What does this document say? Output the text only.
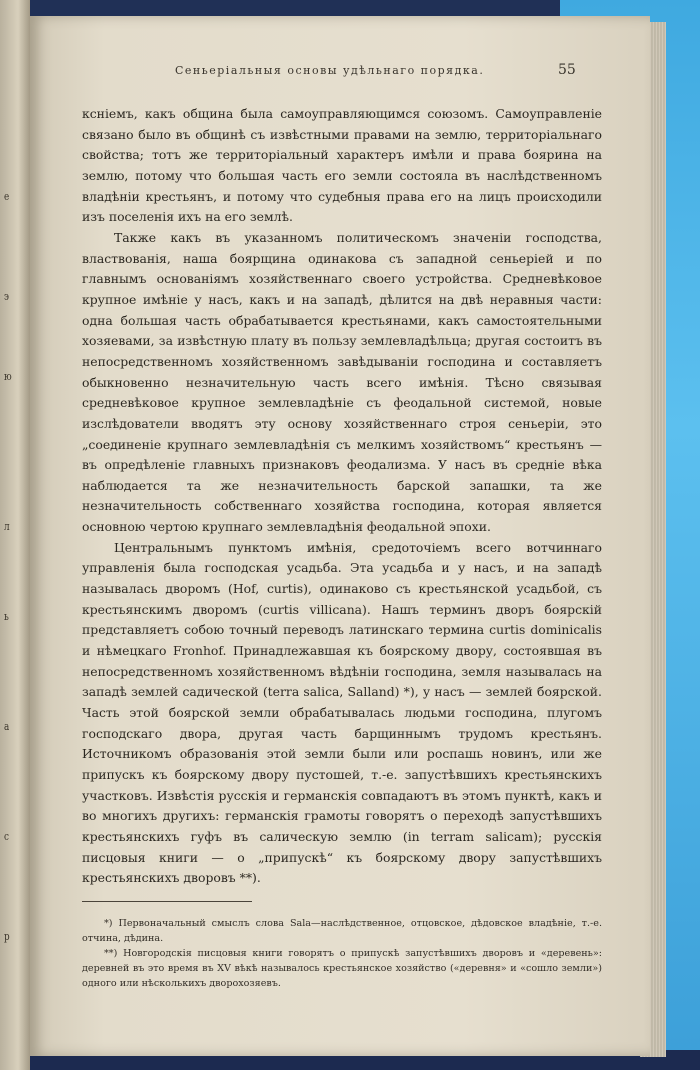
е
э
ю
л
ь
а
с
р
Сеньеріальныя основы удѣльнаго порядка.	55

ксніемъ, какъ община была самоуправляющимся союзомъ. Самоуправленіе связано было въ общинѣ съ извѣстными правами на землю, территоріальнаго свойства; тотъ же территоріальный характеръ имѣли и права боярина на землю, потому что большая часть его земли состояла въ наслѣдственномъ владѣніи крестьянъ, и потому что судебныя права его на лицъ происходили изъ поселенія ихъ на его землѣ.

Также какъ въ указанномъ политическомъ значеніи господства, властвованія, наша боярщина одинакова съ западной сеньеріей и по главнымъ основаніямъ хозяйственнаго своего устройства. Средневѣковое крупное имѣніе у насъ, какъ и на западѣ, дѣлится на двѣ неравныя части: одна большая часть обрабатывается крестьянами, какъ самостоятельными хозяевами, за извѣстную плату въ пользу землевладѣльца; другая состоитъ въ непосредственномъ хозяйственномъ завѣдываніи господина и составляетъ обыкновенно незначительную часть всего имѣнія. Тѣсно связывая средневѣковое крупное землевладѣніе съ феодальной системой, новые изслѣдователи вводятъ эту основу хозяйственнаго строя сеньеріи, это „соединеніе крупнаго землевладѣнія съ мелкимъ хозяйствомъ“ крестьянъ — въ опредѣленіе главныхъ признаковъ феодализма. У насъ въ средніе вѣка наблюдается та же незначительность барской запашки, та же незначительность собственнаго хозяйства господина, которая является основною чертою крупнаго землевладѣнія феодальной эпохи.

Центральнымъ пунктомъ имѣнія, средоточіемъ всего вотчиннаго управленія была господская усадьба. Эта усадьба и у насъ, и на западѣ называлась дворомъ (Hof, curtis), одинаково съ крестьянской усадьбой, съ крестьянскимъ дворомъ (curtis villicana). Нашъ терминъ дворъ боярскій представляетъ собою точный переводъ латинскаго термина curtis dominicalis и нѣмецкаго Fronhof. Принадлежавшая къ боярскому двору, состоявшая въ непосредственномъ хозяйственномъ вѣдѣніи господина, земля называлась на западѣ землей садической (terra salica, Salland) *), у насъ — землей боярской. Часть этой боярской земли обрабатывалась людьми господина, плугомъ господскаго двора, другая часть барщиннымъ трудомъ крестьянъ. Источникомъ образованія этой земли были или роспашь новинъ, или же припускъ къ боярскому двору пустошей, т.-е. запустѣвшихъ крестьянскихъ участковъ. Извѣстія русскія и германскія совпадаютъ въ этомъ пунктѣ, какъ и во многихъ другихъ: германскія грамоты говорятъ о переходѣ запустѣвшихъ крестьянскихъ гуфъ въ салическую землю (in terram salicam); русскія писцовыя книги — о „припускѣ“ къ боярскому двору запустѣвшихъ крестьянскихъ дворовъ **).

*) Первоначальный смыслъ слова Sala—наслѣдственное, отцовское, дѣдовское владѣніе, т.-е. отчина, дѣдина.

**) Новгородскія писцовыя книги говорятъ о припускѣ запустѣвшихъ дворовъ и «деревень»: деревней въ это время въ XV вѣкѣ называлось крестьянское хозяйство («деревня» и «сошло земли») одного или нѣсколькихъ дворохозяевъ.
